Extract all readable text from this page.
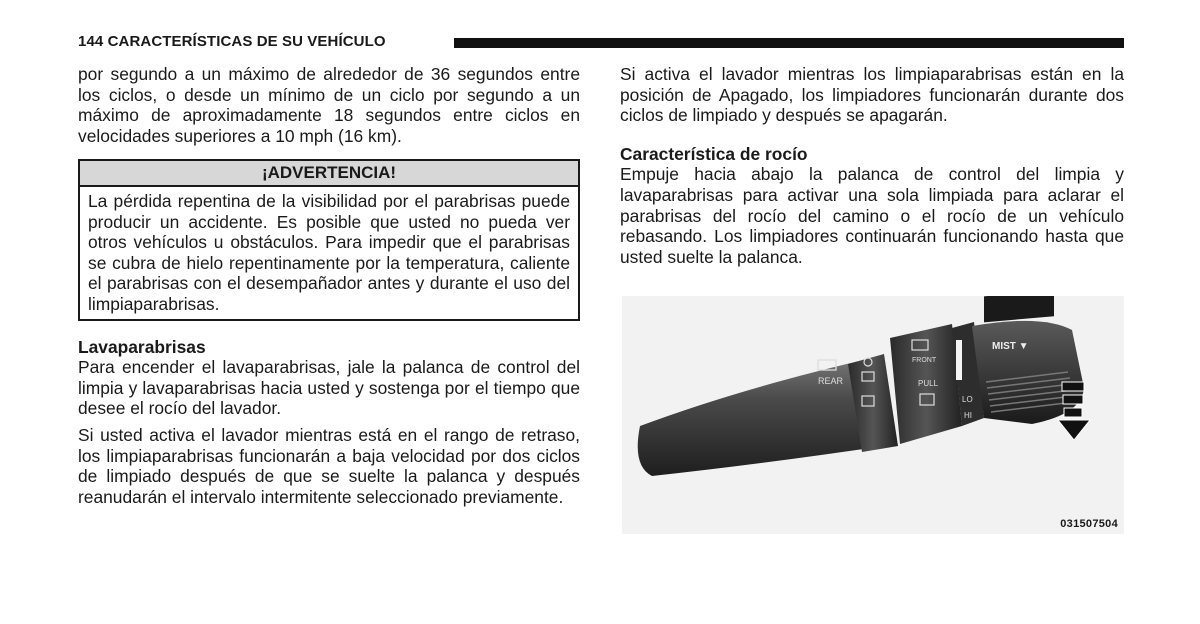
144 CARACTERÍSTICAS DE SU VEHÍCULO

por segundo a un máximo de alrededor de 36 segundos entre los ciclos, o desde un mínimo de un ciclo por segundo a un máximo de aproximadamente 18 segundos entre ciclos en velocidades superiores a 10 mph (16 km).

¡ADVERTENCIA!

La pérdida repentina de la visibilidad por el parabrisas puede producir un accidente. Es posible que usted no pueda ver otros vehículos u obstáculos. Para impedir que el parabrisas se cubra de hielo repentinamente por la temperatura, caliente el parabrisas con el desempañador antes y durante el uso del limpiaparabrisas.

Lavaparabrisas

Para encender el lavaparabrisas, jale la palanca de control del limpia y lavaparabrisas hacia usted y sostenga por el tiempo que desee el rocío del lavador.

Si usted activa el lavador mientras está en el rango de retraso, los limpiaparabrisas funcionarán a baja velocidad por dos ciclos de limpiado después de que se suelte la palanca y después reanudarán el intervalo intermitente seleccionado previamente.

Si activa el lavador mientras los limpiaparabrisas están en la posición de Apagado, los limpiadores funcionarán durante dos ciclos de limpiado y después se apagarán.

Característica de rocío

Empuje hacia abajo la palanca de control del limpia y lavaparabrisas para activar una sola limpiada para aclarar el parabrisas del rocío del camino o el rocío de un vehículo rebasando. Los limpiadores continuarán funcionando hasta que usted suelte la palanca.

MIST ▼
REAR
FRONT
PULL
LO
HI
031507504
